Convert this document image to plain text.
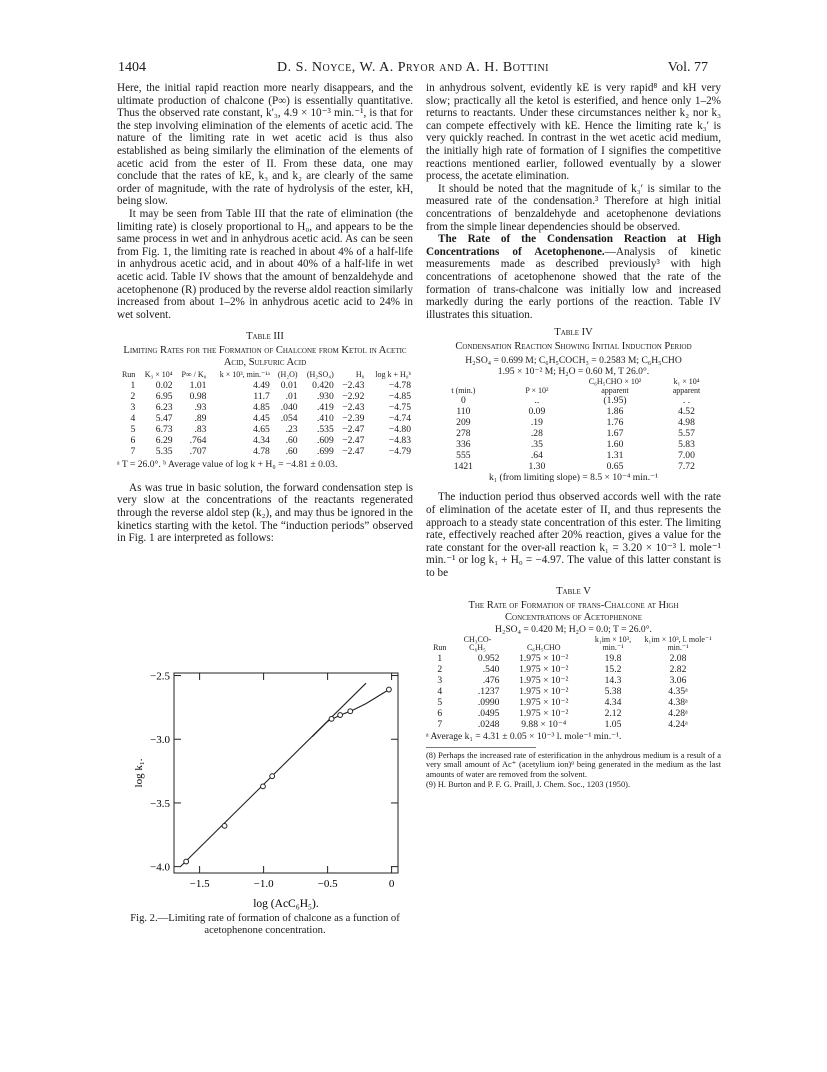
1404	D. S. Noyce, W. A. Pryor and A. H. Bottini	Vol. 77

Here, the initial rapid reaction more nearly disappears, and the ultimate production of chalcone (P∞) is essentially quantitative. Thus the observed rate constant, k′₃, 4.9 × 10⁻³ min.⁻¹, is that for the step involving elimination of the elements of acetic acid. The nature of the limiting rate in wet acetic acid is thus also established as being similarly the elimination of the elements of acetic acid from the ester of II. From these data, one may conclude that the rates of kE, k₃ and k₂ are clearly of the same order of magnitude, with the rate of hydrolysis of the ester, kH, being slow.

It may be seen from Table III that the rate of elimination (the limiting rate) is closely proportional to H₀, and appears to be the same process in wet and in anhydrous acetic acid. As can be seen from Fig. 1, the limiting rate is reached in about 4% of a half-life in anhydrous acetic acid, and in about 40% of a half-life in wet acetic acid. Table IV shows that the amount of benzaldehyde and acetophenone (R) produced by the reverse aldol reaction similarly increased from about 1–2% in anhydrous acetic acid to 24% in wet solvent.

Table III
Limiting Rates for the Formation of Chalcone from Ketol in Acetic Acid, Sulfuric Acid
Run	K₃ × 10⁴	P∞ / K₀	k × 10³, min.⁻¹ᵃ	(H₂O)	(H₂SO₄)	H₀	log k + H₀ᵇ
1	0.02	1.01	4.49	0.01	0.420	−2.43	−4.78
2	6.95	0.98	11.7	.01	.930	−2.92	−4.85
3	6.23	.93	4.85	.040	.419	−2.43	−4.75
4	5.47	.89	4.45	.054	.410	−2.39	−4.74
5	6.73	.83	4.65	.23	.535	−2.47	−4.80
6	6.29	.764	4.34	.60	.609	−2.47	−4.83
7	5.35	.707	4.78	.60	.699	−2.47	−4.79
ᵃ T = 26.0°. ᵇ Average value of log k + H₀ = −4.81 ± 0.03.

As was true in basic solution, the forward condensation step is very slow at the concentrations of the reactants regenerated through the reverse aldol step (k₂), and may thus be ignored in the kinetics starting with the ketol. The “induction periods” observed in Fig. 1 are interpreted as follows:

−1.5	−1.0	−0.5	0
−2.5
−3.0
−3.5
−4.0
log (AcC₆H₅).
log k₁.
Fig. 2.—Limiting rate of formation of chalcone as a function of acetophenone concentration.

in anhydrous solvent, evidently kE is very rapid⁸ and kH very slow; practically all the ketol is esterified, and hence only 1–2% returns to reactants. Under these circumstances neither k₂ nor k₃ can compete effectively with kE. Hence the limiting rate k₃′ is very quickly reached. In contrast in the wet acetic acid medium, the initially high rate of formation of I signifies the competitive reactions mentioned earlier, followed eventually by a slower process, the acetate elimination.

It should be noted that the magnitude of k₃′ is similar to the measured rate of the condensation.³ Therefore at high initial concentrations of benzaldehyde and acetophenone deviations from the simple linear dependencies should be observed.

The Rate of the Condensation Reaction at High Concentrations of Acetophenone.—Analysis of kinetic measurements made as described previously³ with high concentrations of acetophenone showed that the rate of the formation of trans-chalcone was initially low and increased markedly during the early portions of the reaction. Table IV illustrates this situation.

Table IV
Condensation Reaction Showing Initial Induction Period
H₂SO₄ = 0.699 M; C₆H₅COCH₃ = 0.2583 M; C₆H₅CHO
1.95 × 10⁻² M; H₂O = 0.60 M, T 26.0°.
t (min.)	P × 10²	C₆H₅CHO × 10² apparent	k₁ × 10⁴ apparent
0	..	(1.95)	. .
110	0.09	1.86	4.52
209	.19	1.76	4.98
278	.28	1.67	5.57
336	.35	1.60	5.83
555	.64	1.31	7.00
1421	1.30	0.65	7.72
k₁ (from limiting slope) = 8.5 × 10⁻⁴ min.⁻¹

The induction period thus observed accords well with the rate of elimination of the acetate ester of II, and thus represents the approach to a steady state concentration of this ester. The limiting rate, effectively reached after 20% reaction, gives a value for the rate constant for the over-all reaction k₁ = 3.20 × 10⁻³ l. mole⁻¹ min.⁻¹ or log k₁ + H₀ = −4.97. The value of this latter constant is to be

Table V
The Rate of Formation of trans-Chalcone at High
Concentrations of Acetophenone
H₂SO₄ = 0.420 M; H₂O = 0.0; T = 26.0°.
Run	CH₃CO-C₆H₅	C₆H₅CHO	k₁im × 10³, min.⁻¹	k₁im × 10³, l. mole⁻¹ min.⁻¹
1	0.952	1.975 × 10⁻²	19.8	2.08
2	.540	1.975 × 10⁻²	15.2	2.82
3	.476	1.975 × 10⁻²	14.3	3.06
4	.1237	1.975 × 10⁻²	5.38	4.35ᵃ
5	.0990	1.975 × 10⁻²	4.34	4.38ᵃ
6	.0495	1.975 × 10⁻²	2.12	4.28ᵃ
7	.0248	9.88 × 10⁻⁴	1.05	4.24ᵃ
ᵃ Average k₁ = 4.31 ± 0.05 × 10⁻³ l. mole⁻¹ min.⁻¹.

(8) Perhaps the increased rate of esterification in the anhydrous medium is a result of a very small amount of Ac⁺ (acetylium ion)⁹ being generated in the medium as the last amounts of water are removed from the solvent.

(9) H. Burton and P. F. G. Praill, J. Chem. Soc., 1203 (1950).
